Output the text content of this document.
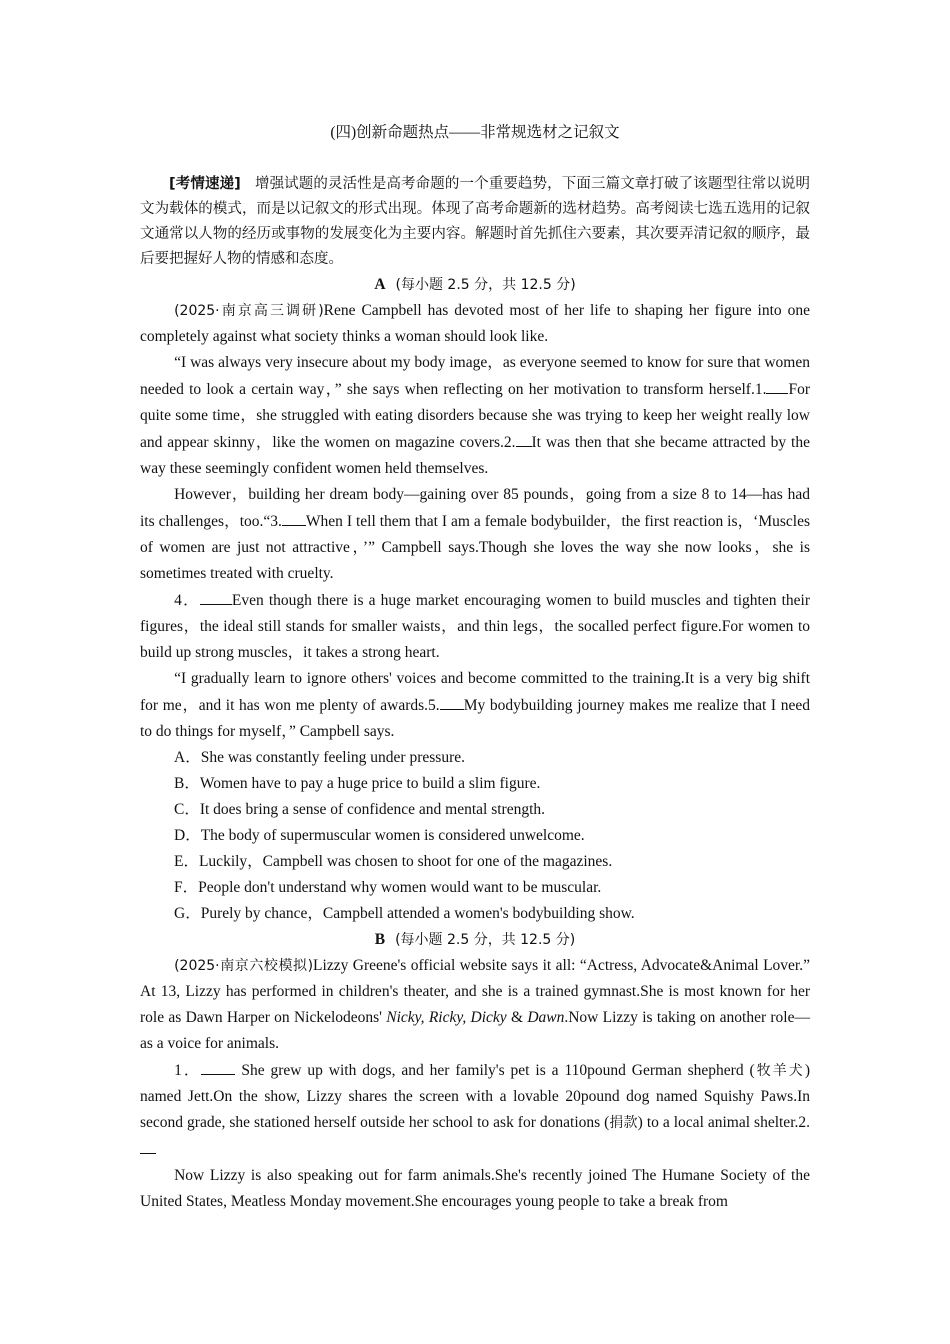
(四)创新命题热点——非常规选材之记叙文

[考情速递] 增强试题的灵活性是高考命题的一个重要趋势，下面三篇文章打破了该题型往常以说明文为载体的模式，而是以记叙文的形式出现。体现了高考命题新的选材趋势。高考阅读七选五选用的记叙文通常以人物的经历或事物的发展变化为主要内容。解题时首先抓住六要素，其次要弄清记叙的顺序，最后要把握好人物的情感和态度。

A (每小题 2.5 分，共 12.5 分)

(2025·南京高三调研)Rene Campbell has devoted most of her life to shaping her figure into one completely against what society thinks a woman should look like.

“I was always very insecure about my body image，as everyone seemed to know for sure that women needed to look a certain way，” she says when reflecting on her motivation to transform herself.1. For quite some time，she struggled with eating disorders because she was trying to keep her weight really low and appear skinny，like the women on magazine covers.2. It was then that she became attracted by the way these seemingly confident women held themselves.

However，building her dream body—gaining over 85 pounds，going from a size 8 to 14—has had its challenges，too.“3. When I tell them that I am a female bodybuilder，the first reaction is，‘Muscles of women are just not attractive，’” Campbell says.Though she loves the way she now looks，she is sometimes treated with cruelty.

4． Even though there is a huge market encouraging women to build muscles and tighten their figures，the ideal still stands for smaller waists，and thin legs，the socalled perfect figure.For women to build up strong muscles，it takes a strong heart.

“I gradually learn to ignore others' voices and become committed to the training.It is a very big shift for me，and it has won me plenty of awards.5. My bodybuilding journey makes me realize that I need to do things for myself，” Campbell says.

A．She was constantly feeling under pressure.

B．Women have to pay a huge price to build a slim figure.

C．It does bring a sense of confidence and mental strength.

D．The body of supermuscular women is considered unwelcome.

E．Luckily，Campbell was chosen to shoot for one of the magazines.

F．People don't understand why women would want to be muscular.

G．Purely by chance，Campbell attended a women's bodybuilding show.

B (每小题 2.5 分，共 12.5 分)

(2025·南京六校模拟)Lizzy Greene's official website says it all: “Actress, Advocate&Animal Lover.” At 13, Lizzy has performed in children's theater, and she is a trained gymnast.She is most known for her role as Dawn Harper on Nickelodeons' Nicky, Ricky, Dicky & Dawn.Now Lizzy is taking on another role—as a voice for animals.

1． She grew up with dogs, and her family's pet is a 110pound German shepherd (牧羊犬) named Jett.On the show, Lizzy shares the screen with a lovable 20pound dog named Squishy Paws.In second grade, she stationed herself outside her school to ask for donations (捐款) to a local animal shelter.2.

Now Lizzy is also speaking out for farm animals.She's recently joined The Humane Society of the United States, Meatless Monday movement.She encourages young people to take a break from
